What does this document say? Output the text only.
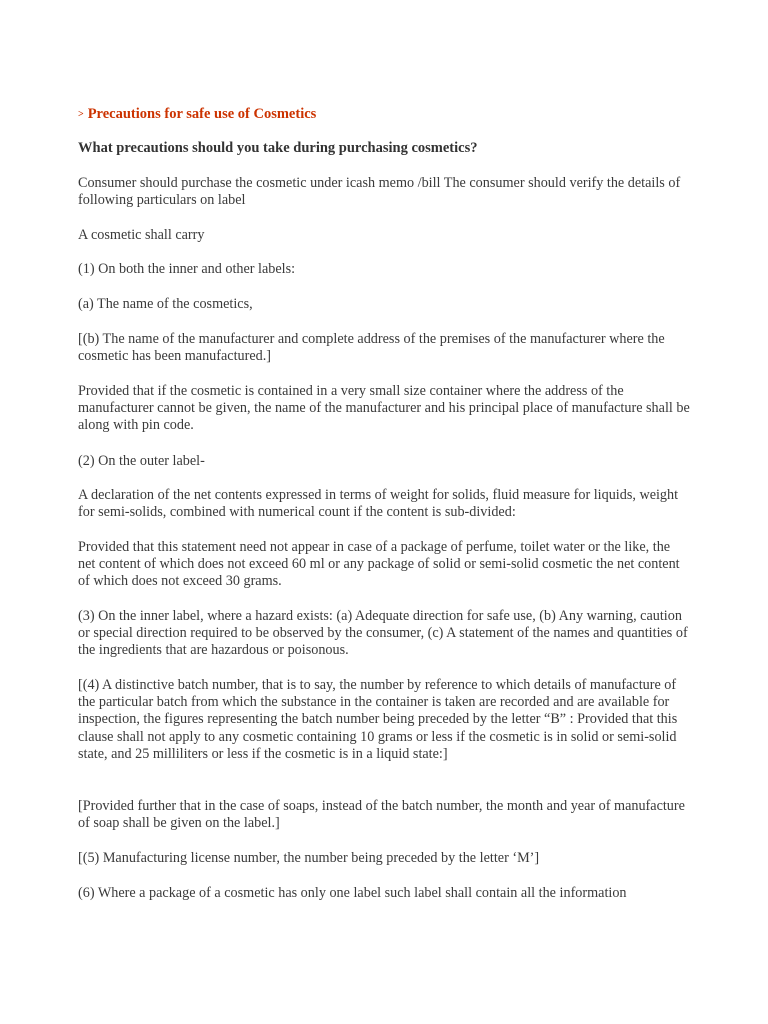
> Precautions for safe use of Cosmetics
What precautions should you take during purchasing cosmetics?

Consumer should purchase the cosmetic under icash memo /bill The consumer should verify the details of following particulars on label

A cosmetic shall carry

(1) On both the inner and other labels:

(a) The name of the cosmetics,

[(b) The name of the manufacturer and complete address of the premises of the manufacturer where the cosmetic has been manufactured.]

Provided that if the cosmetic is contained in a very small size container where the address of the manufacturer cannot be given, the name of the manufacturer and his principal place of manufacture shall be along with pin code.

(2) On the outer label-

A declaration of the net contents expressed in terms of weight for solids, fluid measure for liquids, weight for semi-solids, combined with numerical count if the content is sub-divided:

Provided that this statement need not appear in case of a package of perfume, toilet water or the like, the net content of which does not exceed 60 ml or any package of solid or semi-solid cosmetic the net content of which does not exceed 30 grams.

(3) On the inner label, where a hazard exists: (a) Adequate direction for safe use, (b) Any warning, caution or special direction required to be observed by the consumer, (c) A statement of the names and quantities of the ingredients that are hazardous or poisonous.

[(4) A distinctive batch number, that is to say, the number by reference to which details of manufacture of the particular batch from which the substance in the container is taken are recorded and are available for inspection, the figures representing the batch number being preceded by the letter “B” : Provided that this clause shall not apply to any cosmetic containing 10 grams or less if the cosmetic is in solid or semi-solid state, and 25 milliliters or less if the cosmetic is in a liquid state:]

[Provided further that in the case of soaps, instead of the batch number, the month and year of manufacture of soap shall be given on the label.]

[(5) Manufacturing license number, the number being preceded by the letter ‘M’]

(6) Where a package of a cosmetic has only one label such label shall contain all the information
